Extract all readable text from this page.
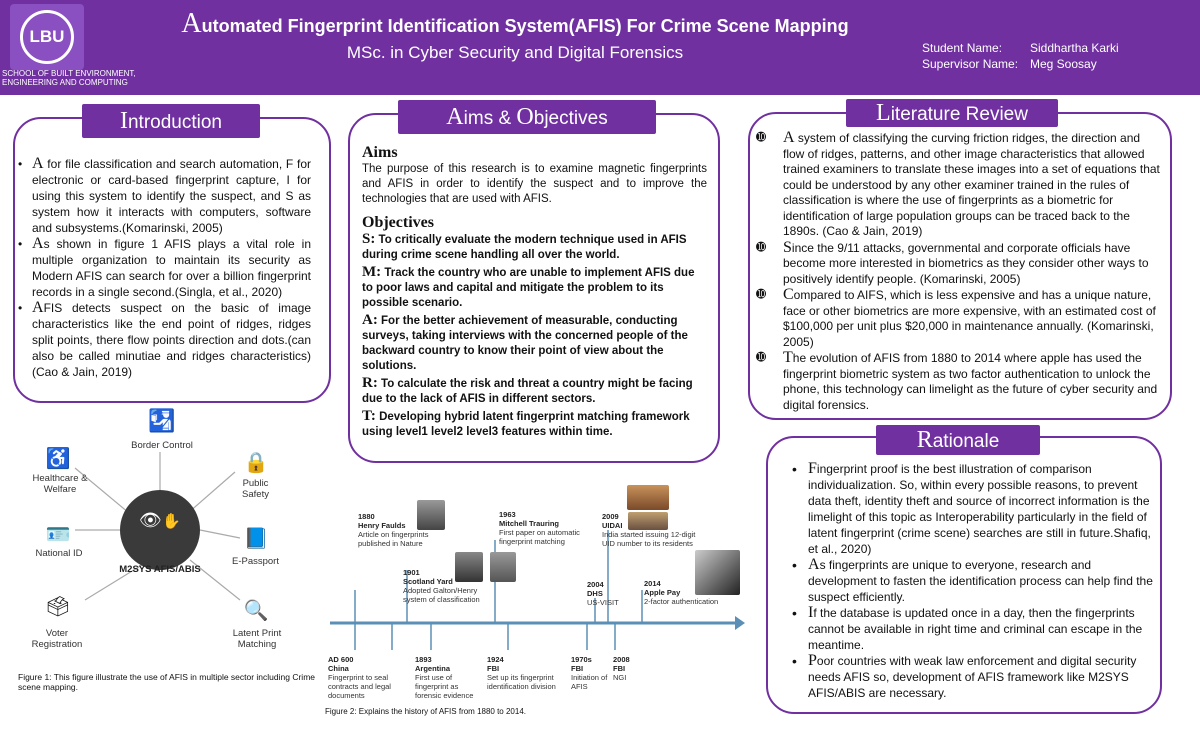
LBU
SCHOOL OF BUILT ENVIRONMENT, ENGINEERING AND COMPUTING
Automated Fingerprint Identification System(AFIS) For Crime Scene Mapping
MSc. in Cyber Security and Digital Forensics	Student Name:	Siddhartha Karki
Supervisor Name: Meg Soosay
Introduction
• A for file classification and search automation, F for electronic or card-based fingerprint capture, I for using this system to identify the suspect, and S as system how it interacts with computers, software and subsystems.(Komarinski, 2005)
• As shown in figure 1 AFIS plays a vital role in multiple organization to maintain its security as Modern AFIS can search for over a billion fingerprint records in a single second.(Singla, et al., 2020)
• AFIS detects suspect on the basic of image characteristics like the end point of ridges, ridges split points, there flow points direction and dots.(can also be called minutiae and ridges characteristics)(Cao & Jain, 2019)
👁 ✋
Border Control
🛂
Public Safety
🔒
E-Passport
📘
Latent Print Matching
🔍
Voter Registration
🗳
National ID
🪪
Healthcare & Welfare
♿
M2SYS AFIS/ABIS
Figure 1: This figure illustrate the use of AFIS in multiple sector including Crime scene mapping.
Aims & Objectives
Aims

The purpose of this research is to examine magnetic fingerprints and AFIS in order to identify the suspect and to improve the technologies that are used with AFIS.

Objectives
S: To critically evaluate the modern technique used in AFIS during crime scene handling all over the world.
M: Track the country who are unable to implement AFIS due to poor laws and capital and mitigate the problem to its possible scenario.
A: For the better achievement of measurable, conducting surveys, taking interviews with the concerned people of the backward country to know their point of view about the solutions.
R: To calculate the risk and threat a country might be facing due to the lack of AFIS in different sectors.
T: Developing hybrid latent fingerprint matching framework using level1 level2 level3 features within time.
1880
Henry Faulds
Article on fingerprints published in Nature
1901
Scotland Yard
Adopted Galton/Henry system of classification
1963
Mitchell Trauring
First paper on automatic fingerprint matching
2004
DHS
US-VISIT
2009
UIDAI
India started issuing 12-digit UID number to its residents
2014
Apple Pay
2-factor authentication
AD 600
China
Fingerprint to seal contracts and legal documents
1893
Argentina
First use of fingerprint as forensic evidence
1924
FBI
Set up its fingerprint identification division
1970s
FBI
Initiation of AFIS
2008
FBI
NGI
Figure 2: Explains the history of AFIS from 1880 to 2014.
Literature Review
➓ A system of classifying the curving friction ridges, the direction and flow of ridges, patterns, and other image characteristics that allowed trained examiners to translate these images into a set of equations that could be understood by any other examiner trained in the rules of classification is where the use of fingerprints as a biometric for identification of large population groups can be traced back to the 1890s. (Cao & Jain, 2019)
➓ Since the 9/11 attacks, governmental and corporate officials have become more interested in biometrics as they consider other ways to positively identify people. (Komarinski, 2005)
➓ Compared to AIFS, which is less expensive and has a unique nature, face or other biometrics are more expensive, with an estimated cost of $100,000 per unit plus $20,000 in maintenance annually. (Komarinski, 2005)
➓ The evolution of AFIS from 1880 to 2014 where apple has used the fingerprint biometric system as two factor authentication to unlock the phone, this technology can limelight as the future of cyber security and digital forensics.
Rationale
• Fingerprint proof is the best illustration of comparison individualization. So, within every possible reasons, to prevent data theft, identity theft and source of incorrect information is the limelight of this topic as Interoperability particularly in the field of latent fingerprint (crime scene) searches are still in future.Shafiq, et al., 2020)
• As fingerprints are unique to everyone, research and development to fasten the identification process can help find the suspect efficiently.
• If the database is updated once in a day, then the fingerprints cannot be available in right time and criminal can escape in the meantime.
• Poor countries with weak law enforcement and digital security needs AFIS so, development of AFIS framework like M2SYS AFIS/ABIS are necessary.
